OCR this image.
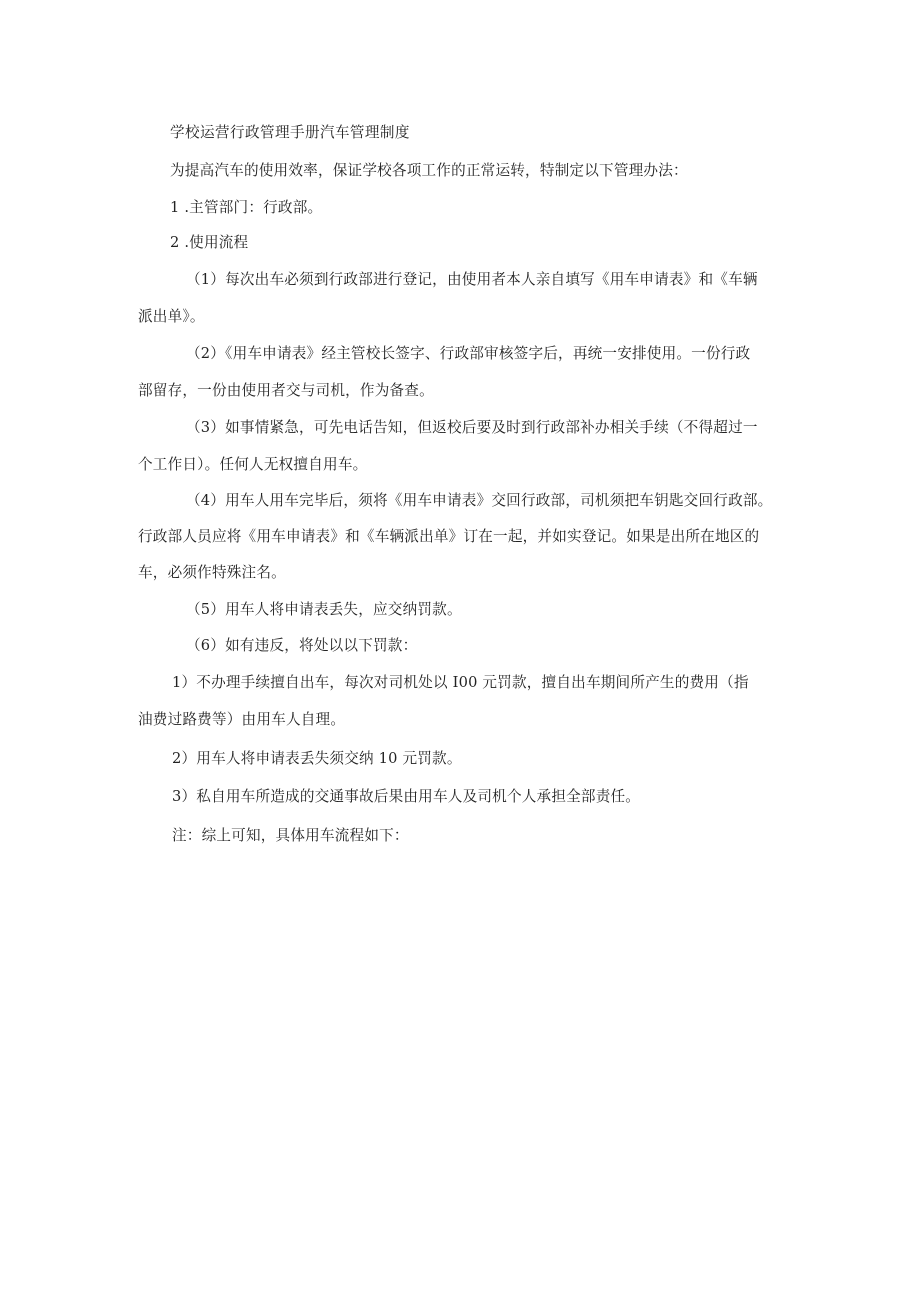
学校运营行政管理手册汽车管理制度
为提高汽车的使用效率，保证学校各项工作的正常运转，特制定以下管理办法：
1 .主管部门：行政部。
2 .使用流程
（1）每次出车必须到行政部进行登记，由使用者本人亲自填写《用车申请表》和《车辆
派出单》。
（2）《用车申请表》经主管校长签字、行政部审核签字后，再统一安排使用。一份行政
部留存，一份由使用者交与司机，作为备查。
（3）如事情紧急，可先电话告知，但返校后要及时到行政部补办相关手续（不得超过一
个工作日）。任何人无权擅自用车。
（4）用车人用车完毕后，须将《用车申请表》交回行政部，司机须把车钥匙交回行政部。
行政部人员应将《用车申请表》和《车辆派出单》订在一起，并如实登记。如果是出所在地区的
车，必须作特殊注名。
（5）用车人将申请表丢失，应交纳罚款。
（6）如有违反，将处以以下罚款：
1）不办理手续擅自出车，每次对司机处以 I00 元罚款，擅自出车期间所产生的费用（指
油费过路费等）由用车人自理。
2）用车人将申请表丢失须交纳 10 元罚款。
3）私自用车所造成的交通事故后果由用车人及司机个人承担全部责任。
注：综上可知，具体用车流程如下：
